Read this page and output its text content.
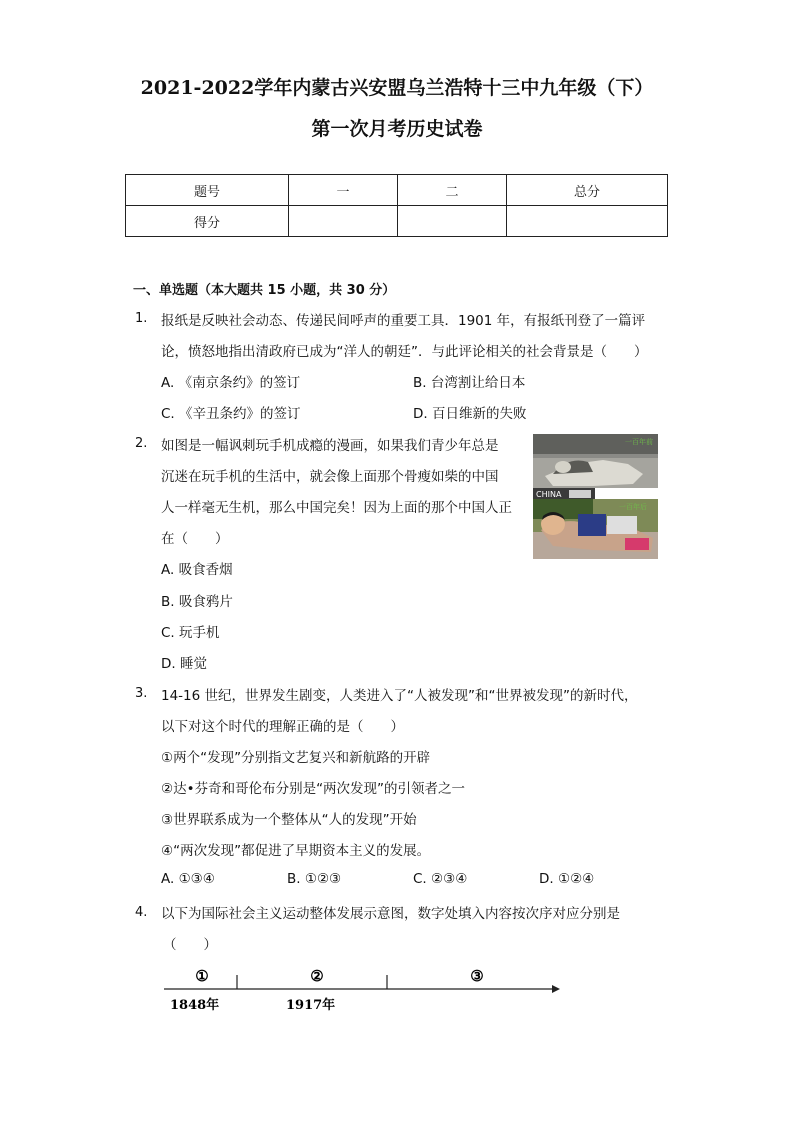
2021-2022学年内蒙古兴安盟乌兰浩特十三中九年级（下）
第一次月考历史试卷
题号	一	二	总分
得分			
一、单选题（本大题共 15 小题，共 30 分）
1. 报纸是反映社会动态、传递民间呼声的重要工具．1901 年，有报纸刊登了一篇评
论，愤怒地指出清政府已成为“洋人的朝廷”．与此评论相关的社会背景是（　　）
A. 《南京条约》的签订	B. 台湾割让给日本
C. 《辛丑条约》的签订	D. 百日维新的失败
2. 如图是一幅讽刺玩手机成瘾的漫画，如果我们青少年总是
沉迷在玩手机的生活中，就会像上面那个骨瘦如柴的中国
人一样毫无生机，那么中国完矣！因为上面的那个中国人正
在（　　）
A. 吸食香烟
B. 吸食鸦片
C. 玩手机
D. 睡觉
一百年前
CHINA
一百年后
3. 14-16 世纪，世界发生剧变，人类进入了“人被发现”和“世界被发现”的新时代，
以下对这个时代的理解正确的是（　　）
①两个“发现”分别指文艺复兴和新航路的开辟
②达•芬奇和哥伦布分别是“两次发现”的引领者之一
③世界联系成为一个整体从“人的发现”开始
④“两次发现”都促进了早期资本主义的发展。
A. ①③④	B. ①②③	C. ②③④	D. ①②④
4. 以下为国际社会主义运动整体发展示意图，数字处填入内容按次序对应分别是
（　　）
①	②	③
1848年	1917年
